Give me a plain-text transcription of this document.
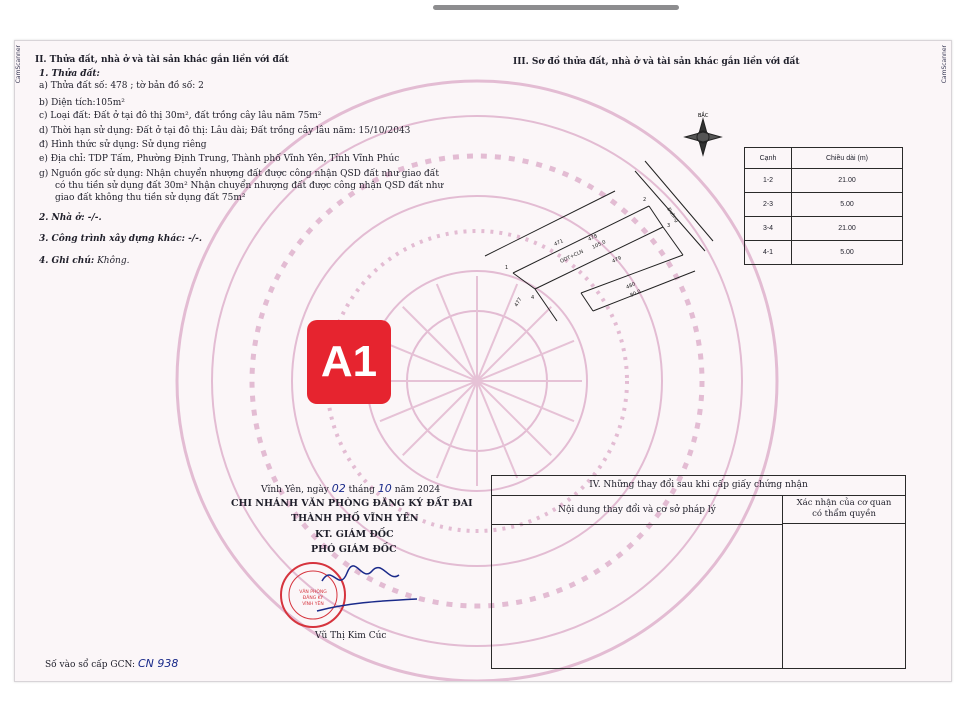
CamScanner	CamScanner
II. Thửa đất, nhà ở và tài sản khác gắn liền với đất
1. Thửa đất:
a) Thửa đất số: 478 ; tờ bản đồ số: 2
b) Diện tích:105m²
c) Loại đất: Đất ở tại đô thị 30m², đất trồng cây lâu năm 75m²
d) Thời hạn sử dụng: Đất ở tại đô thị: Lâu dài; Đất trồng cây lâu năm: 15/10/2043
đ) Hình thức sử dụng: Sử dụng riêng
e) Địa chỉ: TDP Tấm, Phường Định Trung, Thành phố Vĩnh Yên, Tỉnh Vĩnh Phúc
g) Nguồn gốc sử dụng: Nhận chuyển nhượng đất được công nhận QSD đất như giao đất
có thu tiền sử dụng đất 30m² Nhận chuyển nhượng đất được công nhận QSD đất như
giao đất không thu tiền sử dụng đất 75m²
2. Nhà ở: -/-.
3. Công trình xây dựng khác: -/-.
4. Ghi chú: Không.
III. Sơ đồ thửa đất, nhà ở và tài sản khác gắn liền với đất
BẮC
1
2
3
4
471
478
105.0
ODT+CLN	479
480
80.0
477
Đường
Cạnh	Chiều dài (m)
1-2	21.00
2-3	5.00
3-4	21.00
4-1	5.00
Vĩnh Yên, ngày 02 tháng 10 năm 2024
CHI NHÁNH VĂN PHÒNG ĐĂNG KÝ ĐẤT ĐAI
THÀNH PHỐ VĨNH YÊN
KT. GIÁM ĐỐC
PHÓ GIÁM ĐỐC
VĂN PHÒNG
ĐĂNG KÝ
VĨNH YÊN
Vũ Thị Kim Cúc
IV. Những thay đổi sau khi cấp giấy chứng nhận
Nội dung thay đổi và cơ sở pháp lý
Xác nhận của cơ quan
có thẩm quyền
Số vào sổ cấp GCN: CN 938
A1
